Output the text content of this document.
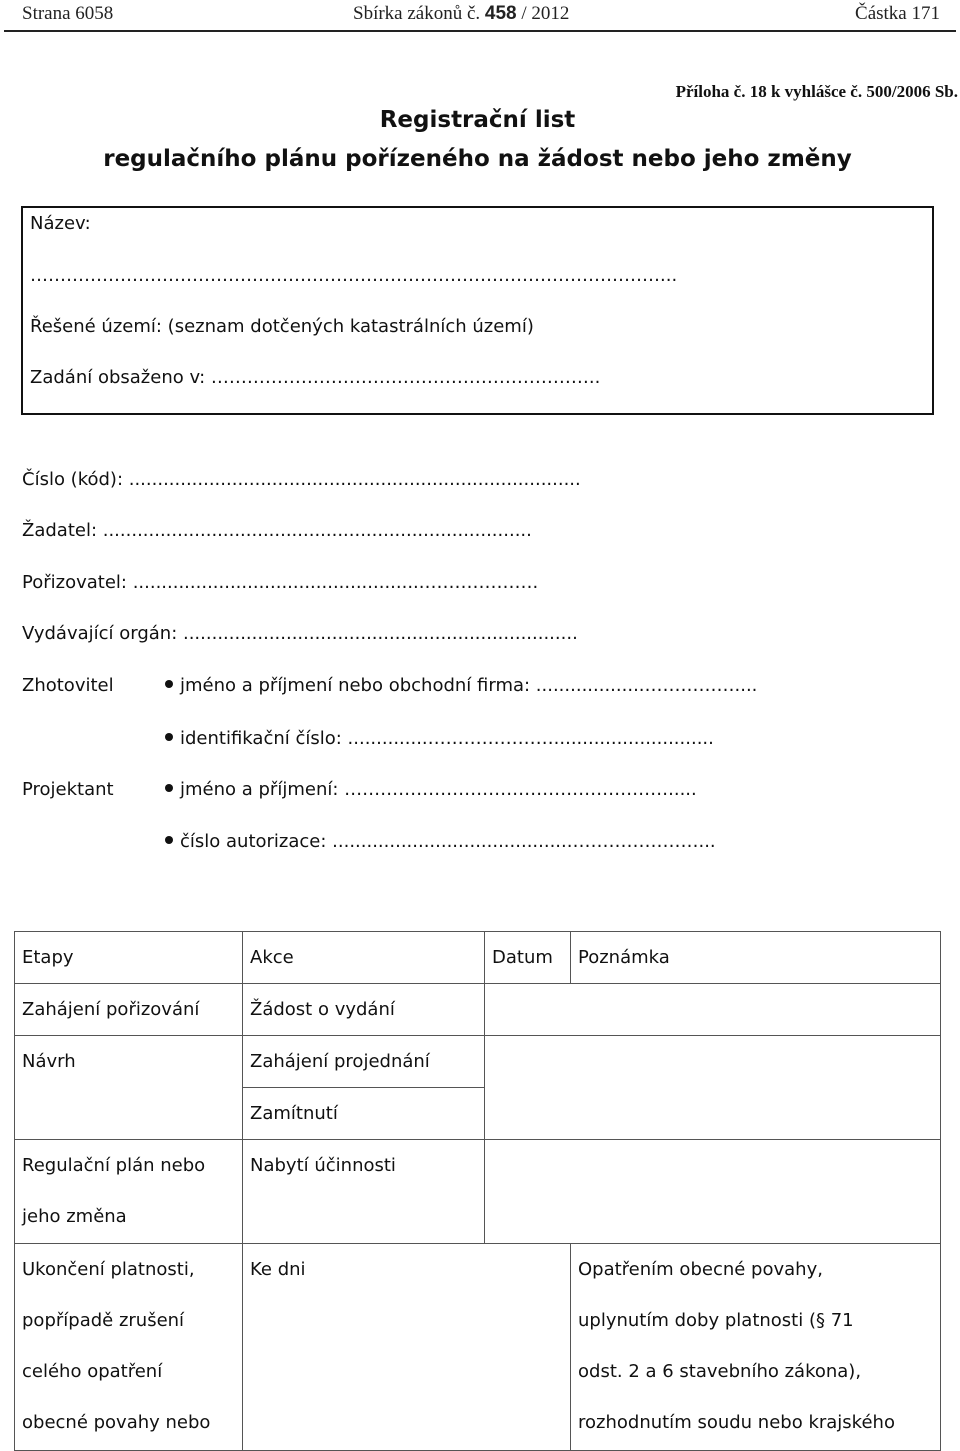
Strana 6058	Sbírka zákonů č. 458 / 2012	Částka 171
Příloha č. 18 k vyhlášce č. 500/2006 Sb.
Registrační list
regulačního plánu pořízeného na žádost nebo jeho změny
Název:
……………………………………………………………………………………………...
Řešené území: (seznam dotčených katastrálních území)
Zadání obsaženo v: ………………………………………………………..
Číslo (kód): ...............................................................................
Žadatel: ...........................................................................
Pořizovatel: ...................................................……………….
Vydávající orgán: .....................................................................
Zhotovitel	jméno a příjmení nebo obchodní firma: ...................……………....
identifikační číslo: ..............…………………............................
Projektant	jméno a příjmení: ……………………………………………….....
číslo autorizace: ..........................................…………………...
Etapy	Akce	Datum	Poznámka
Zahájení pořizování	Žádost o vydání		

Návrh	Zahájení projednání		
	Zamítnutí		

Regulační plán nebo
jeho změna	Nabytí účinnosti		

Ukončení platnosti,
popřípadě zrušení
celého opatření
obecné povahy nebo	Ke dni		Opatřením obecné povahy,
uplynutím doby platnosti (§ 71
odst. 2 a 6 stavebního zákona),
rozhodnutím soudu nebo krajského
